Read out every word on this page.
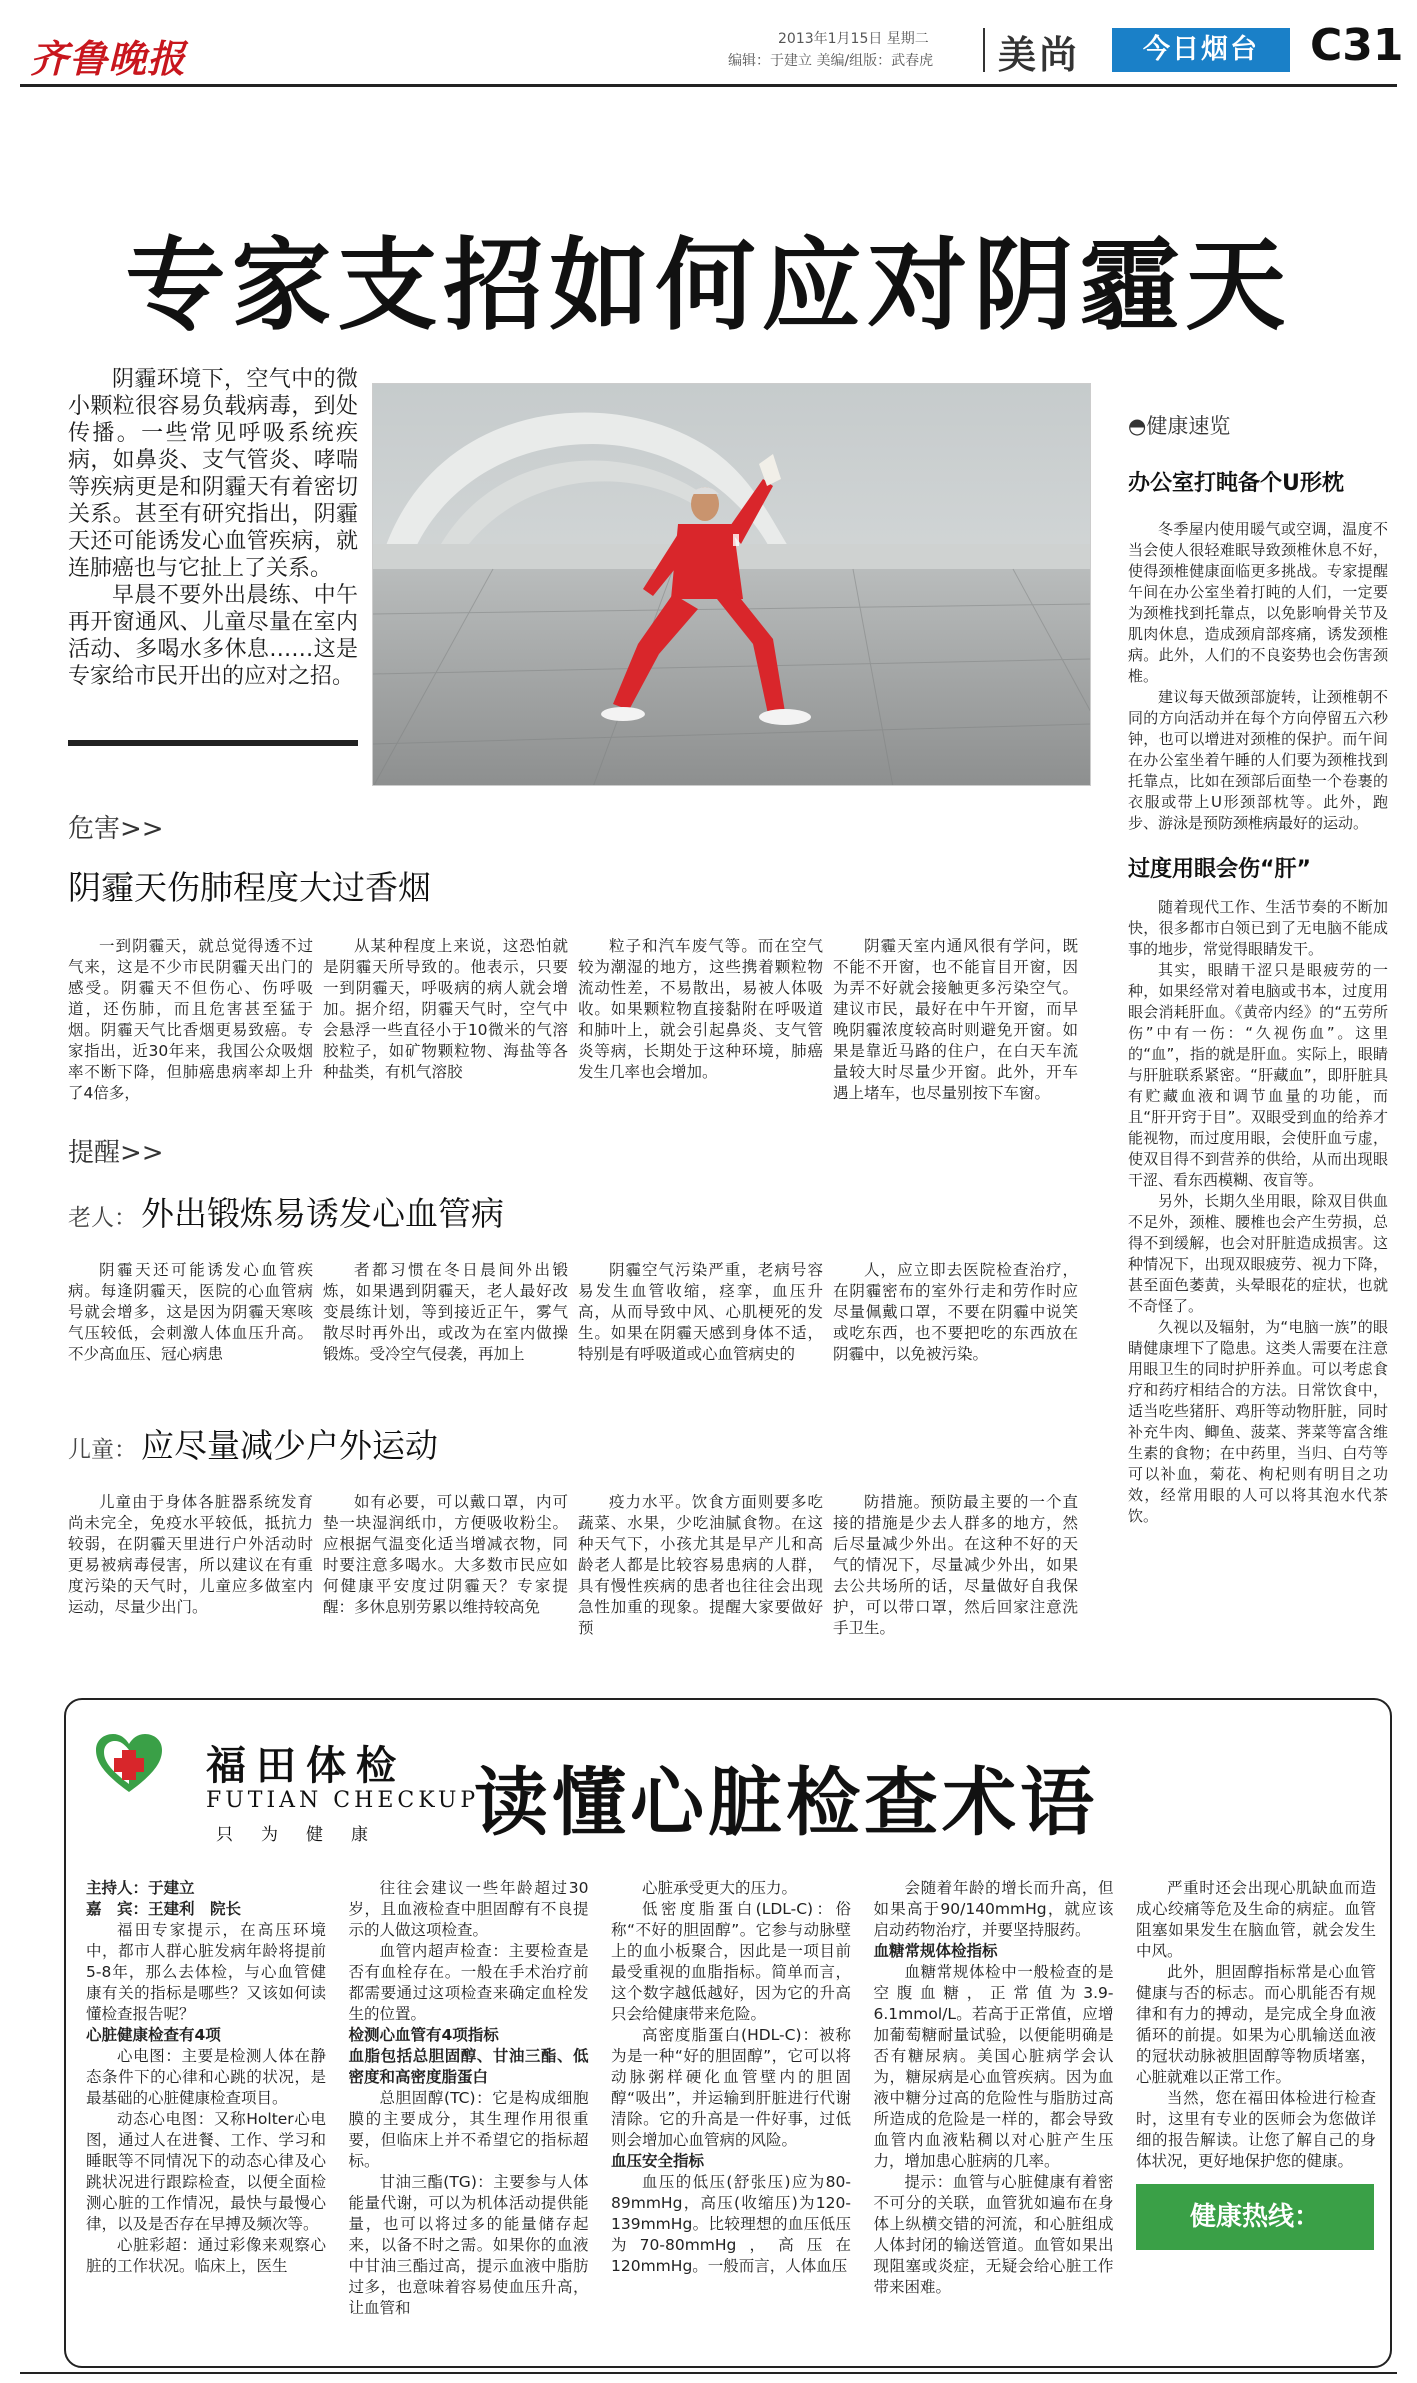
齐鲁晚报	2013年1月15日 星期二
编辑：于建立 美编/组版：武春虎 美尚	今日烟台	C31
专家支招如何应对阴霾天

阴霾环境下，空气中的微小颗粒很容易负载病毒，到处传播。一些常见呼吸系统疾病，如鼻炎、支气管炎、哮喘等疾病更是和阴霾天有着密切关系。甚至有研究指出，阴霾天还可能诱发心血管疾病，就连肺癌也与它扯上了关系。

早晨不要外出晨练、中午再开窗通风、儿童尽量在室内活动、多喝水多休息……这是专家给市民开出的应对之招。

危害>>
阴霾天伤肺程度大过香烟

一到阴霾天，就总觉得透不过气来，这是不少市民阴霾天出门的感受。阴霾天不但伤心、伤呼吸道，还伤肺，而且危害甚至猛于烟。阴霾天气比香烟更易致癌。专家指出，近30年来，我国公众吸烟率不断下降，但肺癌患病率却上升了4倍多，

从某种程度上来说，这恐怕就是阴霾天所导致的。他表示，只要一到阴霾天，呼吸病的病人就会增加。据介绍，阴霾天气时，空气中会悬浮一些直径小于10微米的气溶胶粒子，如矿物颗粒物、海盐等各种盐类，有机气溶胶

粒子和汽车废气等。而在空气较为潮湿的地方，这些携着颗粒物流动性差，不易散出，易被人体吸收。如果颗粒物直接黏附在呼吸道和肺叶上，就会引起鼻炎、支气管炎等病，长期处于这种环境，肺癌发生几率也会增加。

阴霾天室内通风很有学问，既不能不开窗，也不能盲目开窗，因为弄不好就会接触更多污染空气。建议市民，最好在中午开窗，而早晚阴霾浓度较高时则避免开窗。如果是靠近马路的住户，在白天车流量较大时尽量少开窗。此外，开车遇上堵车，也尽量别按下车窗。

提醒>>
老人： 外出锻炼易诱发心血管病

阴霾天还可能诱发心血管疾病。每逢阴霾天，医院的心血管病号就会增多，这是因为阴霾天寒咳气压较低，会刺激人体血压升高。不少高血压、冠心病患

者都习惯在冬日晨间外出锻炼，如果遇到阴霾天，老人最好改变晨练计划，等到接近正午，雾气散尽时再外出，或改为在室内做操锻炼。受冷空气侵袭，再加上

阴霾空气污染严重，老病号容易发生血管收缩，痉挛，血压升高，从而导致中风、心肌梗死的发生。如果在阴霾天感到身体不适，特别是有呼吸道或心血管病史的

人，应立即去医院检查治疗，在阴霾密布的室外行走和劳作时应尽量佩戴口罩，不要在阴霾中说笑或吃东西，也不要把吃的东西放在阴霾中，以免被污染。

儿童： 应尽量减少户外运动

儿童由于身体各脏器系统发育尚未完全，免疫水平较低，抵抗力较弱，在阴霾天里进行户外活动时更易被病毒侵害，所以建议在有重度污染的天气时，儿童应多做室内运动，尽量少出门。

如有必要，可以戴口罩，内可垫一块湿润纸巾，方便吸收粉尘。应根据气温变化适当增减衣物，同时要注意多喝水。大多数市民应如何健康平安度过阴霾天？专家提醒：多休息别劳累以维持较高免

疫力水平。饮食方面则要多吃蔬菜、水果，少吃油腻食物。在这种天气下，小孩尤其是早产儿和高龄老人都是比较容易患病的人群，具有慢性疾病的患者也往往会出现急性加重的现象。提醒大家要做好预

防措施。预防最主要的一个直接的措施是少去人群多的地方，然后尽量减少外出。在这种不好的天气的情况下，尽量减少外出，如果去公共场所的话，尽量做好自我保护，可以带口罩，然后回家注意洗手卫生。

◓健康速览
办公室打盹备个U形枕

冬季屋内使用暖气或空调，温度不当会使人很轻难眠导致颈椎休息不好，使得颈椎健康面临更多挑战。专家提醒午间在办公室坐着打盹的人们，一定要为颈椎找到托靠点，以免影响骨关节及肌肉休息，造成颈肩部疼痛，诱发颈椎病。此外，人们的不良姿势也会伤害颈椎。

建议每天做颈部旋转，让颈椎朝不同的方向活动并在每个方向停留五六秒钟，也可以增进对颈椎的保护。而午间在办公室坐着午睡的人们要为颈椎找到托靠点，比如在颈部后面垫一个卷裹的衣服或带上U形颈部枕等。此外，跑步、游泳是预防颈椎病最好的运动。

过度用眼会伤“肝”

随着现代工作、生活节奏的不断加快，很多都市白领已到了无电脑不能成事的地步，常觉得眼睛发干。

其实，眼睛干涩只是眼疲劳的一种，如果经常对着电脑或书本，过度用眼会消耗肝血。《黄帝内经》的“五劳所伤”中有一伤：“久视伤血”。这里的“血”，指的就是肝血。实际上，眼睛与肝脏联系紧密。“肝藏血”，即肝脏具有贮藏血液和调节血量的功能，而且“肝开窍于目”。双眼受到血的给养才能视物，而过度用眼，会使肝血亏虚，使双目得不到营养的供给，从而出现眼干涩、看东西模糊、夜盲等。

另外，长期久坐用眼，除双目供血不足外，颈椎、腰椎也会产生劳损，总得不到缓解，也会对肝脏造成损害。这种情况下，出现双眼疲劳、视力下降，甚至面色萎黄，头晕眼花的症状，也就不奇怪了。

久视以及辐射，为“电脑一族”的眼睛健康埋下了隐患。这类人需要在注意用眼卫生的同时护肝养血。可以考虑食疗和药疗相结合的方法。日常饮食中，适当吃些猪肝、鸡肝等动物肝脏，同时补充牛肉、鲫鱼、菠菜、荠菜等富含维生素的食物；在中药里，当归、白芍等可以补血，菊花、枸杞则有明目之功效，经常用眼的人可以将其泡水代茶饮。

福田体检
FUTIAN CHECKUP
只为健康 读懂心脏检查术语

主持人：于建立

嘉　宾：王建利　院长

福田专家提示，在高压环境中，都市人群心脏发病年龄将提前5-8年，那么去体检，与心血管健康有关的指标是哪些？又该如何读懂检查报告呢？

心脏健康检查有4项

心电图：主要是检测人体在静态条件下的心律和心跳的状况，是最基础的心脏健康检查项目。

动态心电图：又称Holter心电图，通过人在进餐、工作、学习和睡眠等不同情况下的动态心律及心跳状况进行跟踪检查，以便全面检测心脏的工作情况，最快与最慢心律，以及是否存在早搏及频次等。

心脏彩超：通过彩像来观察心脏的工作状况。临床上，医生

往往会建议一些年龄超过30岁，且血液检查中胆固醇有不良提示的人做这项检查。

血管内超声检查：主要检查是否有血栓存在。一般在手术治疗前都需要通过这项检查来确定血栓发生的位置。

检测心血管有4项指标

血脂包括总胆固醇、甘油三酯、低密度和高密度脂蛋白

总胆固醇(TC)：它是构成细胞膜的主要成分，其生理作用很重要，但临床上并不希望它的指标超标。

甘油三酯(TG)：主要参与人体能量代谢，可以为机体活动提供能量，也可以将过多的能量储存起来，以备不时之需。如果你的血液中甘油三酯过高，提示血液中脂肪过多，也意味着容易使血压升高，让血管和

心脏承受更大的压力。

低密度脂蛋白(LDL-C)：俗称“不好的胆固醇”。它参与动脉壁上的血小板聚合，因此是一项目前最受重视的血脂指标。简单而言，这个数字越低越好，因为它的升高只会给健康带来危险。

高密度脂蛋白(HDL-C)：被称为是一种“好的胆固醇”，它可以将动脉粥样硬化血管壁内的胆固醇“吸出”，并运输到肝脏进行代谢清除。它的升高是一件好事，过低则会增加心血管病的风险。

血压安全指标

血压的低压(舒张压)应为80-89mmHg，高压(收缩压)为120-139mmHg。比较理想的血压低压为70-80mmHg，高压在120mmHg。一般而言，人体血压

会随着年龄的增长而升高，但如果高于90/140mmHg，就应该启动药物治疗，并要坚持服药。

血糖常规体检指标

血糖常规体检中一般检查的是空腹血糖，正常值为3.9-6.1mmol/L。若高于正常值，应增加葡萄糖耐量试验，以便能明确是否有糖尿病。美国心脏病学会认为，糖尿病是心血管疾病。因为血液中糖分过高的危险性与脂肪过高所造成的危险是一样的，都会导致血管内血液粘稠以对心脏产生压力，增加患心脏病的几率。

提示：血管与心脏健康有着密不可分的关联，血管犹如遍布在身体上纵横交错的河流，和心脏组成人体封闭的输送管道。血管如果出现阻塞或炎症，无疑会给心脏工作带来困难。

严重时还会出现心肌缺血而造成心绞痛等危及生命的病症。血管阻塞如果发生在脑血管，就会发生中风。

此外，胆固醇指标常是心血管健康与否的标志。而心肌能否有规律和有力的搏动，是完成全身血液循环的前提。如果为心肌输送血液的冠状动脉被胆固醇等物质堵塞，心脏就难以正常工作。

当然，您在福田体检进行检查时，这里有专业的医师会为您做详细的报告解读。让您了解自己的身体状况，更好地保护您的健康。

健康热线：6872222
